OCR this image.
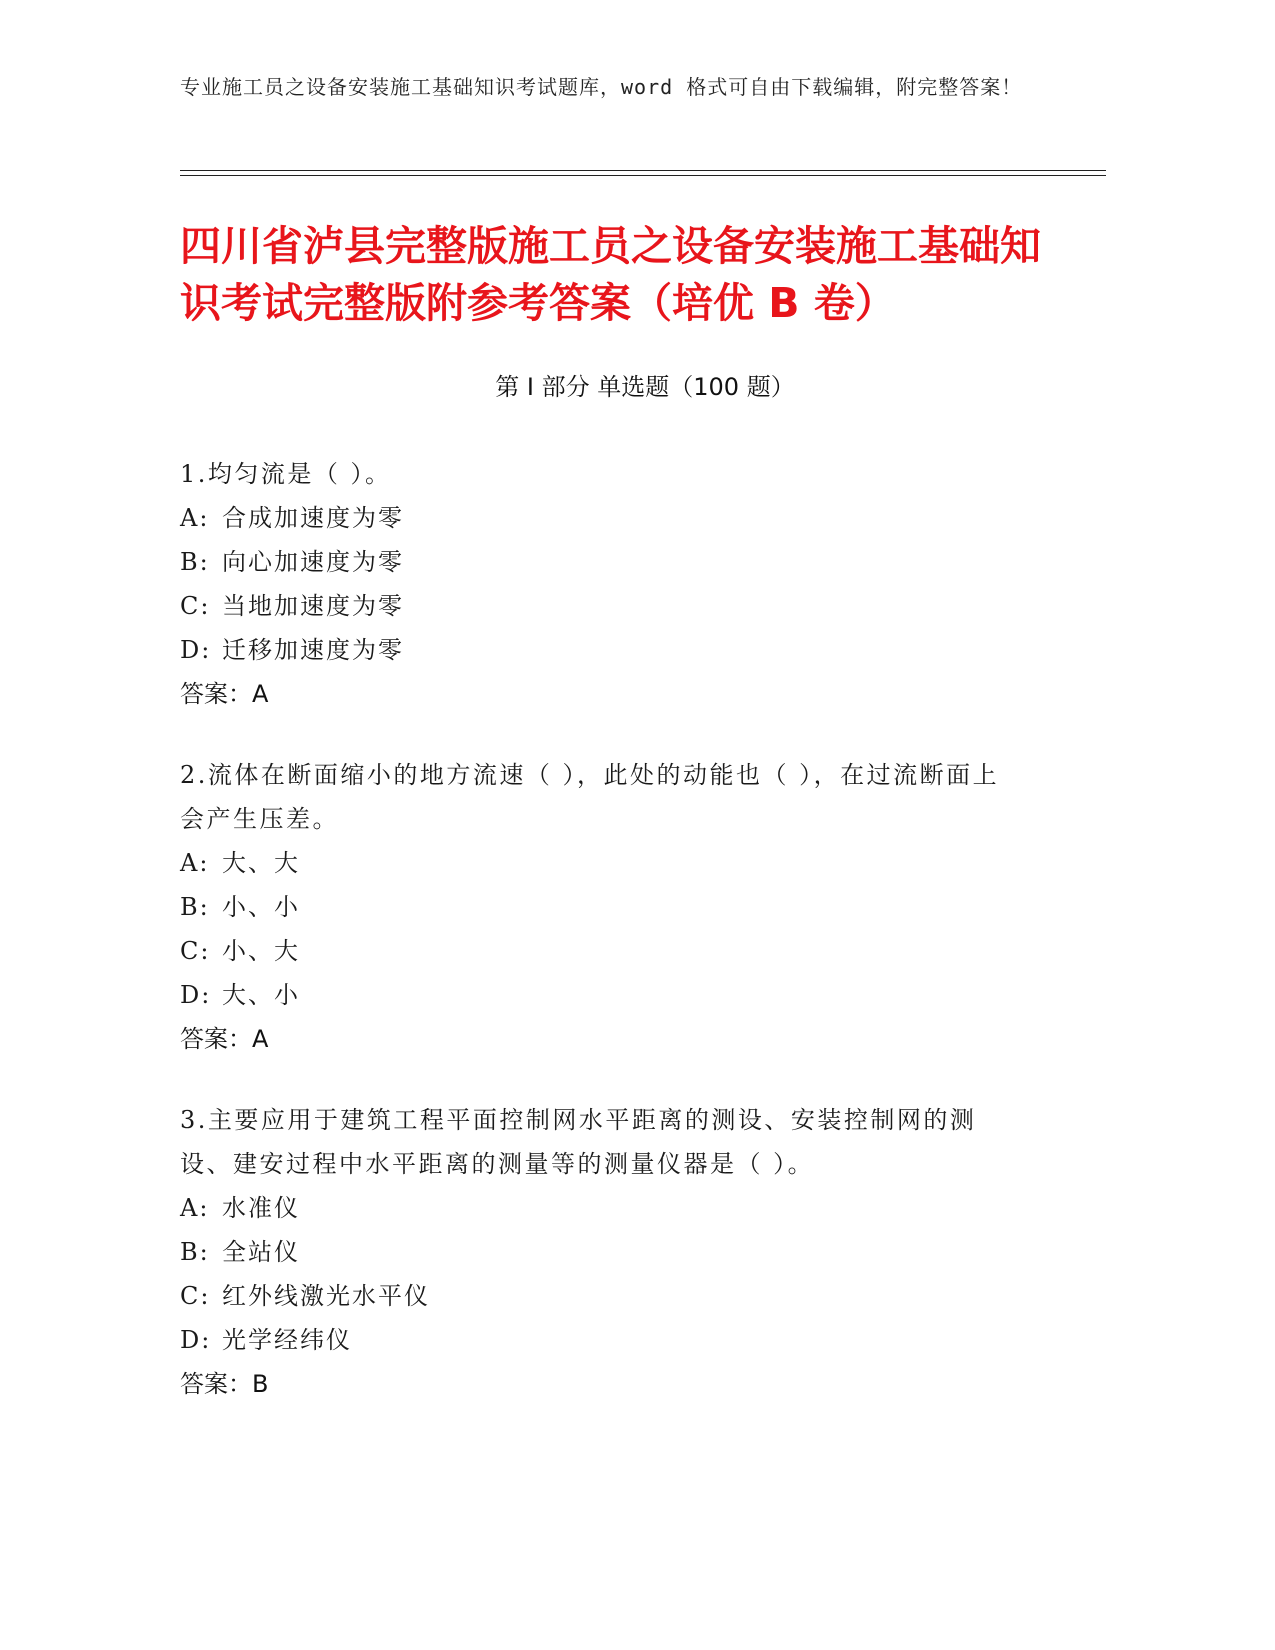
专业施工员之设备安装施工基础知识考试题库，word 格式可自由下载编辑，附完整答案！
四川省泸县完整版施工员之设备安装施工基础知识考试完整版附参考答案（培优 B 卷）
第 I 部分 单选题（100 题）
1.均匀流是（ ）。
A: 合成加速度为零
B: 向心加速度为零
C: 当地加速度为零
D: 迁移加速度为零
答案：A
2.流体在断面缩小的地方流速（ ），此处的动能也（ ），在过流断面上会产生压差。
A: 大、大
B: 小、小
C: 小、大
D: 大、小
答案：A
3.主要应用于建筑工程平面控制网水平距离的测设、安装控制网的测设、建安过程中水平距离的测量等的测量仪器是（ ）。
A: 水准仪
B: 全站仪
C: 红外线激光水平仪
D: 光学经纬仪
答案：B
